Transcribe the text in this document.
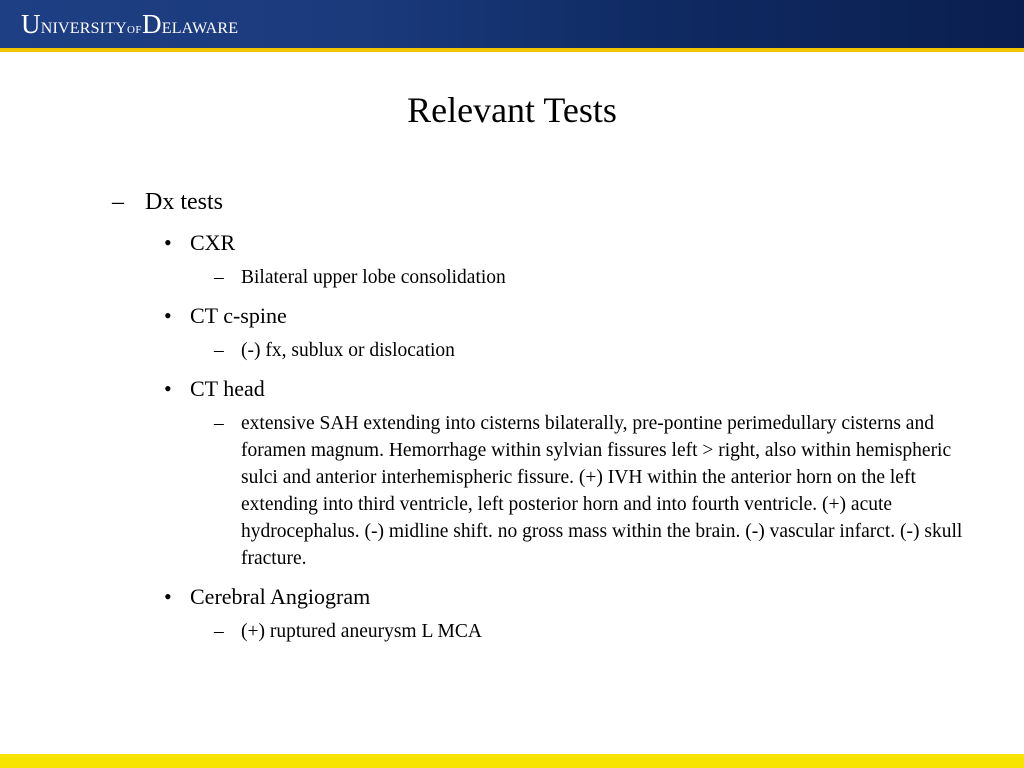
UNIVERSITYOFDELAWARE
Relevant Tests
– Dx tests
• CXR
– Bilateral upper lobe consolidation
• CT c-spine
– (-) fx, sublux or dislocation
• CT head
– extensive SAH extending into cisterns bilaterally, pre-pontine perimedullary cisterns and foramen magnum. Hemorrhage within sylvian fissures left > right, also within hemispheric sulci and anterior interhemispheric fissure. (+) IVH within the anterior horn on the left extending into third ventricle, left posterior horn and into fourth ventricle. (+) acute hydrocephalus. (-) midline shift. no gross mass within the brain. (-) vascular infarct. (-) skull fracture.
• Cerebral Angiogram
– (+) ruptured aneurysm L MCA
